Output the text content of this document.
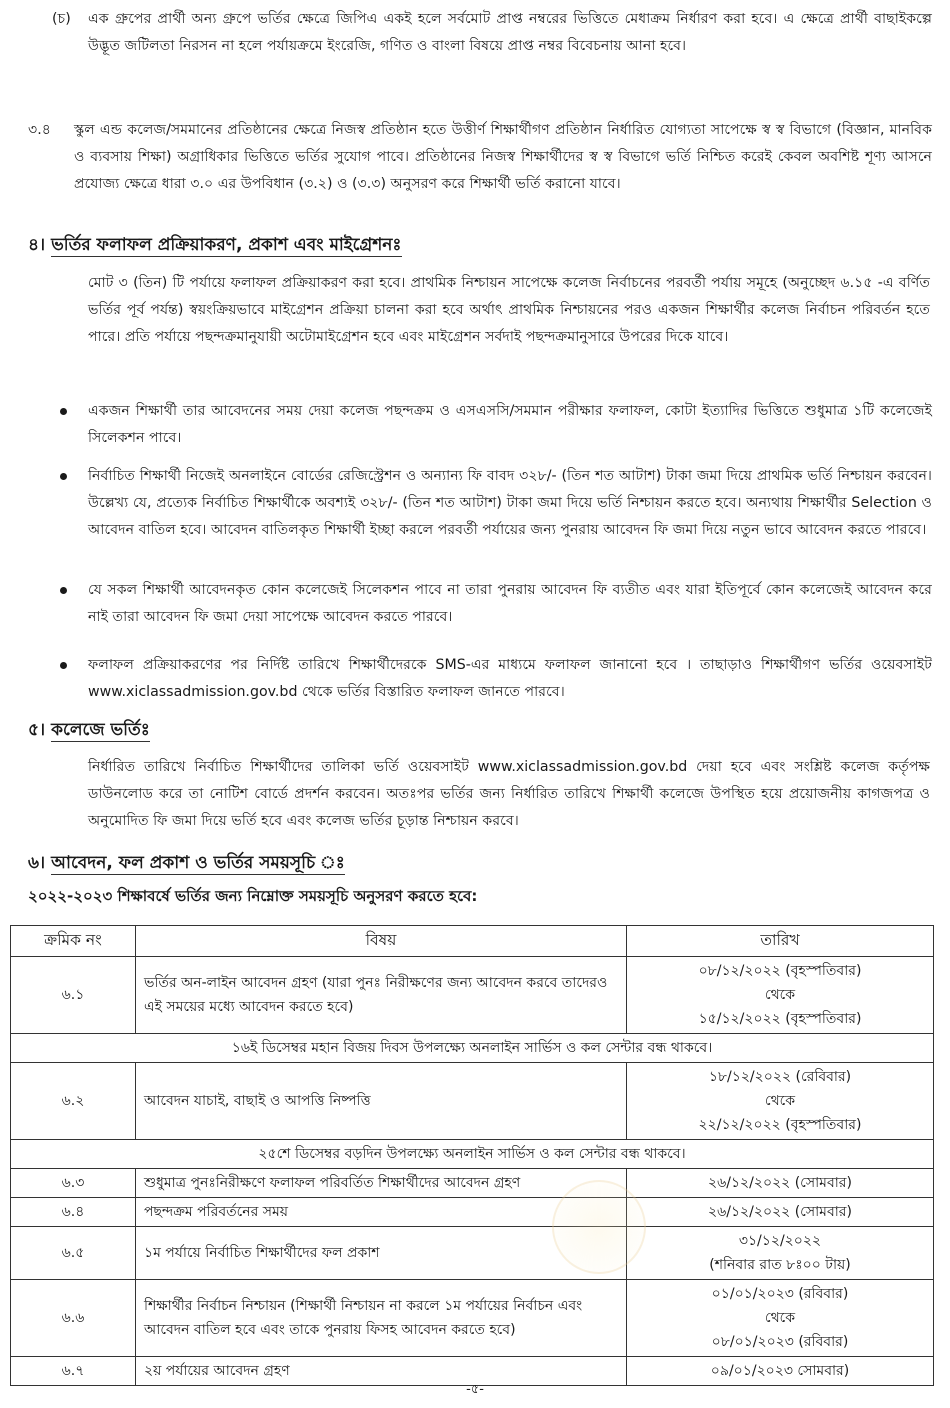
(চ) এক গ্রুপের প্রার্থী অন্য গ্রুপে ভর্তির ক্ষেত্রে জিপিএ একই হলে সর্বমোট প্রাপ্ত নম্বরের ভিত্তিতে মেধাক্রম নির্ধারণ করা হবে। এ ক্ষেত্রে প্রার্থী বাছাইকল্পে উদ্ভূত জটিলতা নিরসন না হলে পর্যায়ক্রমে ইংরেজি, গণিত ও বাংলা বিষয়ে প্রাপ্ত নম্বর বিবেচনায় আনা হবে।
৩.৪ স্কুল এন্ড কলেজ/সমমানের প্রতিষ্ঠানের ক্ষেত্রে নিজস্ব প্রতিষ্ঠান হতে উত্তীর্ণ শিক্ষার্থীগণ প্রতিষ্ঠান নির্ধারিত যোগ্যতা সাপেক্ষে স্ব স্ব বিভাগে (বিজ্ঞান, মানবিক ও ব্যবসায় শিক্ষা) অগ্রাধিকার ভিত্তিতে ভর্তির সুযোগ পাবে। প্রতিষ্ঠানের নিজস্ব শিক্ষার্থীদের স্ব স্ব বিভাগে ভর্তি নিশ্চিত করেই কেবল অবশিষ্ট শূণ্য আসনে প্রযোজ্য ক্ষেত্রে ধারা ৩.০ এর উপবিধান (৩.২) ও (৩.৩) অনুসরণ করে শিক্ষার্থী ভর্তি করানো যাবে।
৪। ভর্তির ফলাফল প্রক্রিয়াকরণ, প্রকাশ এবং মাইগ্রেশনঃ
মোট ৩ (তিন) টি পর্যায়ে ফলাফল প্রক্রিয়াকরণ করা হবে। প্রাথমিক নিশ্চায়ন সাপেক্ষে কলেজ নির্বাচনের পরবর্তী পর্যায় সমূহে (অনুচ্ছেদ ৬.১৫ -এ বর্ণিত ভর্তির পূর্ব পর্যন্ত) স্বয়ংক্রিয়ভাবে মাইগ্রেশন প্রক্রিয়া চালনা করা হবে অর্থাৎ প্রাথমিক নিশ্চায়নের পরও একজন শিক্ষার্থীর কলেজ নির্বাচন পরিবর্তন হতে পারে। প্রতি পর্যায়ে পছন্দক্রমানুযায়ী অটোমাইগ্রেশন হবে এবং মাইগ্রেশন সর্বদাই পছন্দক্রমানুসারে উপরের দিকে যাবে।
একজন শিক্ষার্থী তার আবেদনের সময় দেয়া কলেজ পছন্দক্রম ও এসএসসি/সমমান পরীক্ষার ফলাফল, কোটা ইত্যাদির ভিত্তিতে শুধুমাত্র ১টি কলেজেই সিলেকশন পাবে।
নির্বাচিত শিক্ষার্থী নিজেই অনলাইনে বোর্ডের রেজিস্ট্রেশন ও অন্যান্য ফি বাবদ ৩২৮/- (তিন শত আটাশ) টাকা জমা দিয়ে প্রাথমিক ভর্তি নিশ্চায়ন করবেন। উল্লেখ্য যে, প্রত্যেক নির্বাচিত শিক্ষার্থীকে অবশ্যই ৩২৮/- (তিন শত আটাশ) টাকা জমা দিয়ে ভর্তি নিশ্চায়ন করতে হবে। অন্যথায় শিক্ষার্থীর Selection ও আবেদন বাতিল হবে। আবেদন বাতিলকৃত শিক্ষার্থী ইচ্ছা করলে পরবর্তী পর্যায়ের জন্য পুনরায় আবেদন ফি জমা দিয়ে নতুন ভাবে আবেদন করতে পারবে।
যে সকল শিক্ষার্থী আবেদনকৃত কোন কলেজেই সিলেকশন পাবে না তারা পুনরায় আবেদন ফি ব্যতীত এবং যারা ইতিপূর্বে কোন কলেজেই আবেদন করে নাই তারা আবেদন ফি জমা দেয়া সাপেক্ষে আবেদন করতে পারবে।
ফলাফল প্রক্রিয়াকরণের পর নির্দিষ্ট তারিখে শিক্ষার্থীদেরকে SMS-এর মাধ্যমে ফলাফল জানানো হবে । তাছাড়াও শিক্ষার্থীগণ ভর্তির ওয়েবসাইট www.xiclassadmission.gov.bd থেকে ভর্তির বিস্তারিত ফলাফল জানতে পারবে।
৫। কলেজে ভর্তিঃ
নির্ধারিত তারিখে নির্বাচিত শিক্ষার্থীদের তালিকা ভর্তি ওয়েবসাইট www.xiclassadmission.gov.bd দেয়া হবে এবং সংশ্লিষ্ট কলেজ কর্তৃপক্ষ ডাউনলোড করে তা নোটিশ বোর্ডে প্রদর্শন করবেন। অতঃপর ভর্তির জন্য নির্ধারিত তারিখে শিক্ষার্থী কলেজে উপস্থিত হয়ে প্রয়োজনীয় কাগজপত্র ও অনুমোদিত ফি জমা দিয়ে ভর্তি হবে এবং কলেজ ভর্তির চূড়ান্ত নিশ্চায়ন করবে।
৬। আবেদন, ফল প্রকাশ ও ভর্তির সময়সূচি ঃ
২০২২-২০২৩ শিক্ষাবর্ষে ভর্তির জন্য নিম্নোক্ত সময়সূচি অনুসরণ করতে হবে:
ক্রমিক নং	বিষয়	তারিখ
৬.১	ভর্তির অন-লাইন আবেদন গ্রহণ (যারা পুনঃ নিরীক্ষণের জন্য আবেদন করবে তাদেরও এই সময়ের মধ্যে আবেদন করতে হবে)	০৮/১২/২০২২ (বৃহস্পতিবার)
থেকে
১৫/১২/২০২২ (বৃহস্পতিবার)

১৬ই ডিসেম্বর মহান বিজয় দিবস উপলক্ষ্যে অনলাইন সার্ভিস ও কল সেন্টার বন্ধ থাকবে।		
৬.২	আবেদন যাচাই, বাছাই ও আপত্তি নিষ্পত্তি	১৮/১২/২০২২ (রেবিবার)
থেকে
২২/১২/২০২২ (বৃহস্পতিবার)

২৫শে ডিসেম্বর বড়দিন উপলক্ষ্যে অনলাইন সার্ভিস ও কল সেন্টার বন্ধ থাকবে।		
৬.৩	শুধুমাত্র পুনঃনিরীক্ষণে ফলাফল পরিবর্তিত শিক্ষার্থীদের আবেদন গ্রহণ	২৬/১২/২০২২ (সোমবার)
৬.৪	পছন্দক্রম পরিবর্তনের সময়	২৬/১২/২০২২ (সোমবার)
৬.৫	১ম পর্যায়ে নির্বাচিত শিক্ষার্থীদের ফল প্রকাশ	৩১/১২/২০২২
(শনিবার রাত ৮ঃ০০ টায়)

৬.৬	শিক্ষার্থীর নির্বাচন নিশ্চায়ন (শিক্ষার্থী নিশ্চায়ন না করলে ১ম পর্যায়ের নির্বাচন এবং আবেদন বাতিল হবে এবং তাকে পুনরায় ফিসহ আবেদন করতে হবে)	০১/০১/২০২৩ (রবিবার)
থেকে
০৮/০১/২০২৩ (রবিবার)

৬.৭	২য় পর্যায়ের আবেদন গ্রহণ	০৯/০১/২০২৩ সোমবার)
-৫-
